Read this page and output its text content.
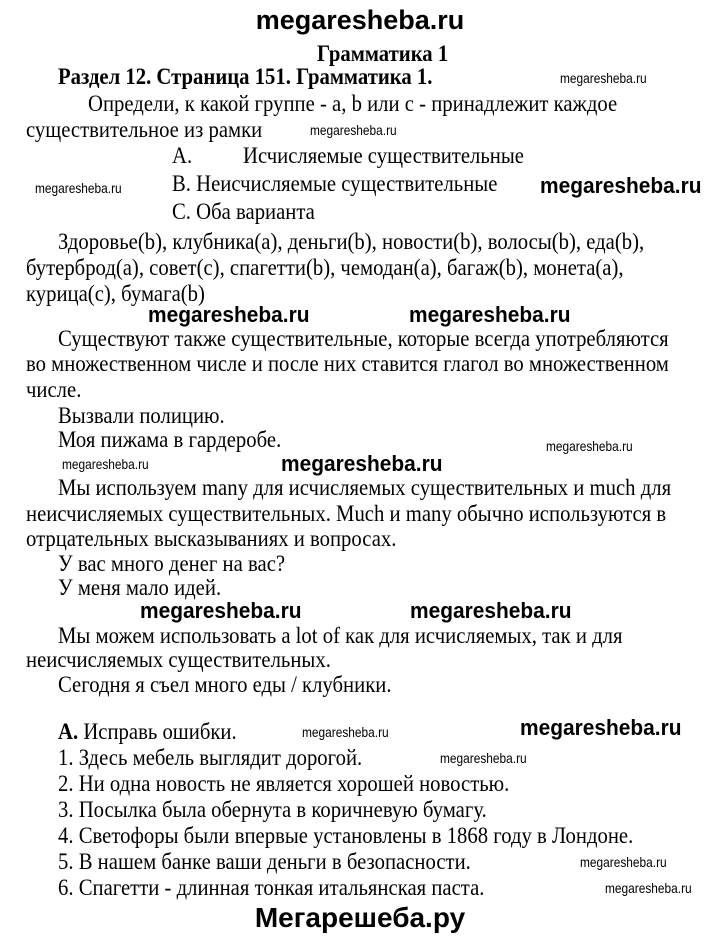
megaresheba.ru
Грамматика 1
Раздел 12. Страница 151. Грамматика 1.
Определи, к какой группе - a, b или c - принадлежит каждое
существительное из рамки
A. Исчисляемые существительные
B. Неисчисляемые существительные
C. Оба варианта
Здоровье(b), клубника(a), деньги(b), новости(b), волосы(b), еда(b),
бутерброд(a), совет(c), спагетти(b), чемодан(a), багаж(b), монета(a),
курица(c), бумага(b)
Существуют также существительные, которые всегда употребляются
во множественном числе и после них ставится глагол во множественном
числе.
Вызвали полицию.
Моя пижама в гардеробе.
Мы используем many для исчисляемых существительных и much для
неисчисляемых существительных. Much и many обычно используются в
отрцательных высказываниях и вопросах.
У вас много денег на вас?
У меня мало идей.
Мы можем использовать a lot of как для исчисляемых, так и для
неисчисляемых существительных.
Сегодня я съел много еды / клубники.
A. Исправь ошибки.
1. Здесь мебель выглядит дорогой.
2. Ни одна новость не является хорошей новостью.
3. Посылка была обернута в коричневую бумагу.
4. Светофоры были впервые установлены в 1868 году в Лондоне.
5. В нашем банке ваши деньги в безопасности.
6. Спагетти - длинная тонкая итальянская паста.
megaresheba.ru
megaresheba.ru
megaresheba.ru	megaresheba.ru
megaresheba.ru	megaresheba.ru
megaresheba.ru
megaresheba.ru	megaresheba.ru
megaresheba.ru	megaresheba.ru
megaresheba.ru	megaresheba.ru
megaresheba.ru
megaresheba.ru
megaresheba.ru
Мегарешеба.ру
